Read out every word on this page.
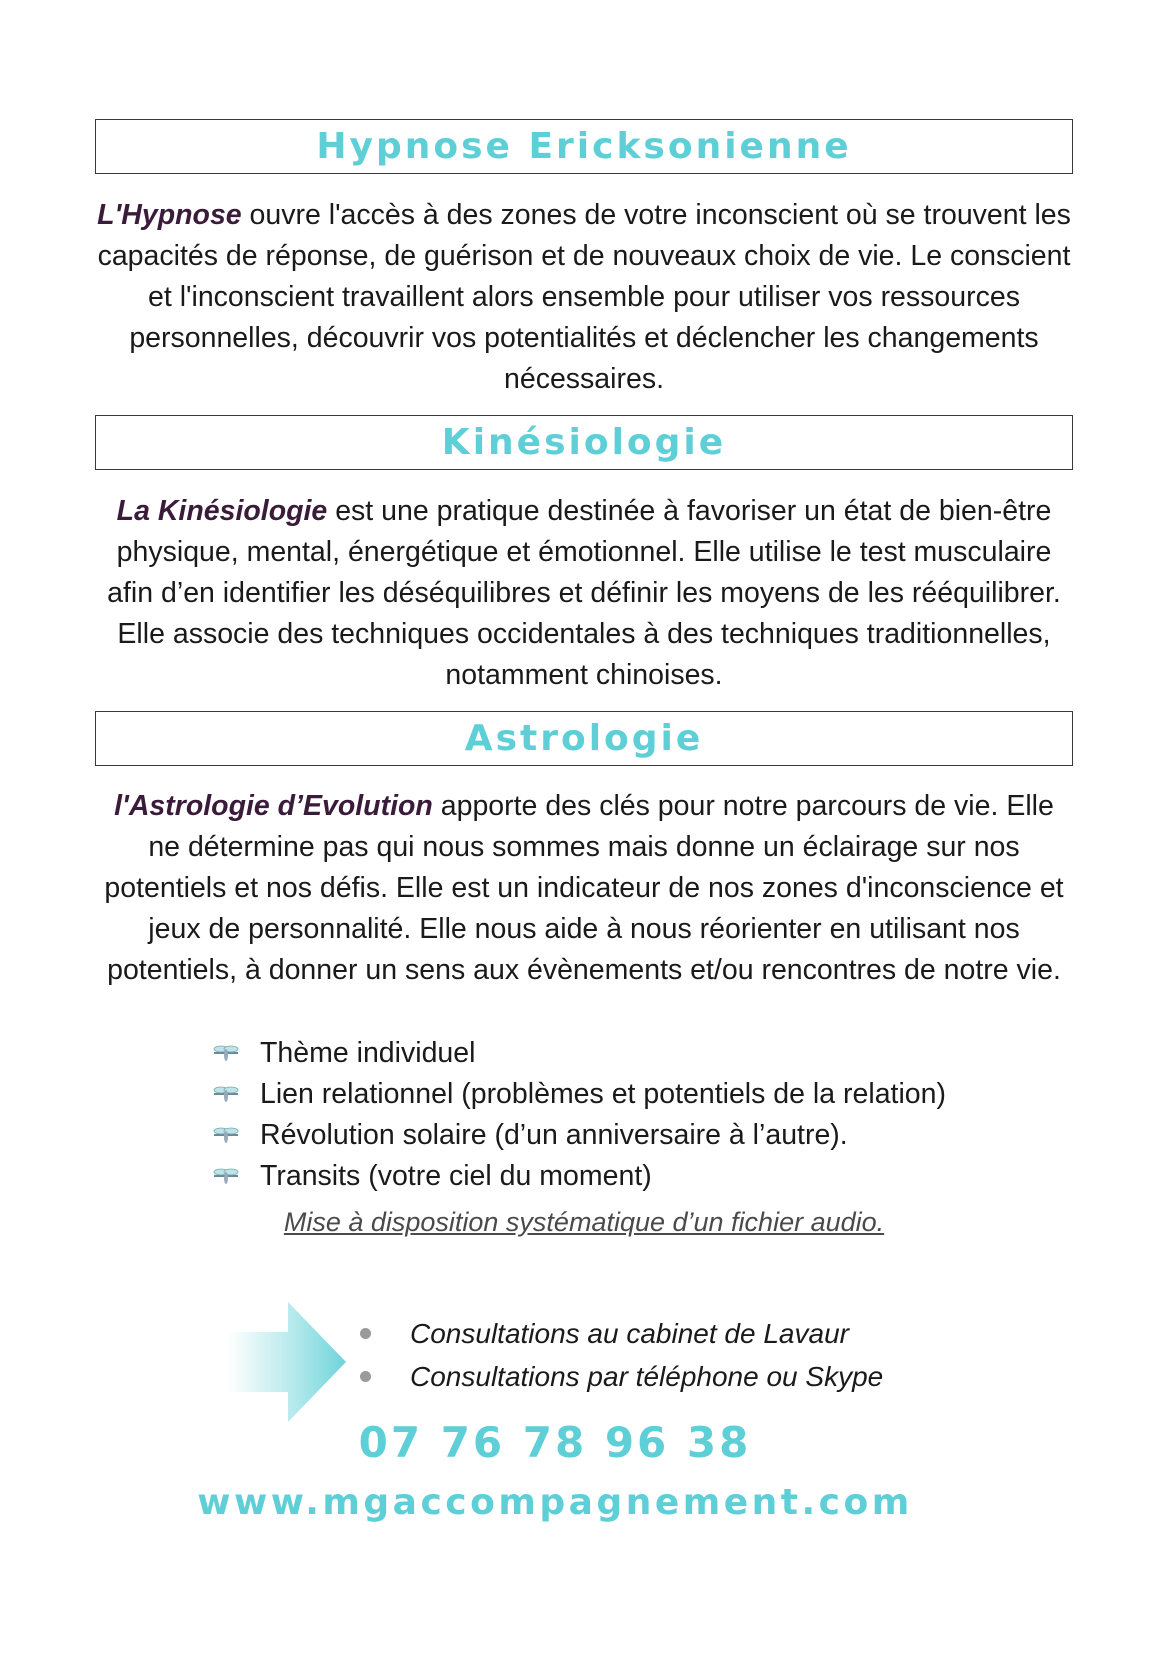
Hypnose Ericksonienne

L'Hypnose ouvre l'accès à des zones de votre inconscient où se trouvent les capacités de réponse, de guérison et de nouveaux choix de vie. Le conscient et l'inconscient travaillent alors ensemble pour utiliser vos ressources personnelles, découvrir vos potentialités et déclencher les changements nécessaires.

Kinésiologie

La Kinésiologie est une pratique destinée à favoriser un état de bien-être physique, mental, énergétique et émotionnel. Elle utilise le test musculaire afin d’en identifier les déséquilibres et définir les moyens de les rééquilibrer. Elle associe des techniques occidentales à des techniques traditionnelles, notamment chinoises.

Astrologie

l'Astrologie d’Evolution apporte des clés pour notre parcours de vie. Elle ne détermine pas qui nous sommes mais donne un éclairage sur nos potentiels et nos défis. Elle est un indicateur de nos zones d'inconscience et jeux de personnalité. Elle nous aide à nous réorienter en utilisant nos potentiels, à donner un sens aux évènements et/ou rencontres de notre vie.

Thème individuel
Lien relationnel (problèmes et potentiels de la relation)
Révolution solaire (d’un anniversaire à l’autre).
Transits (votre ciel du moment)

Mise à disposition systématique d’un fichier audio.

Consultations au cabinet de Lavaur
Consultations par téléphone ou Skype

07 76 78 96 38

www.mgaccompagnement.com
